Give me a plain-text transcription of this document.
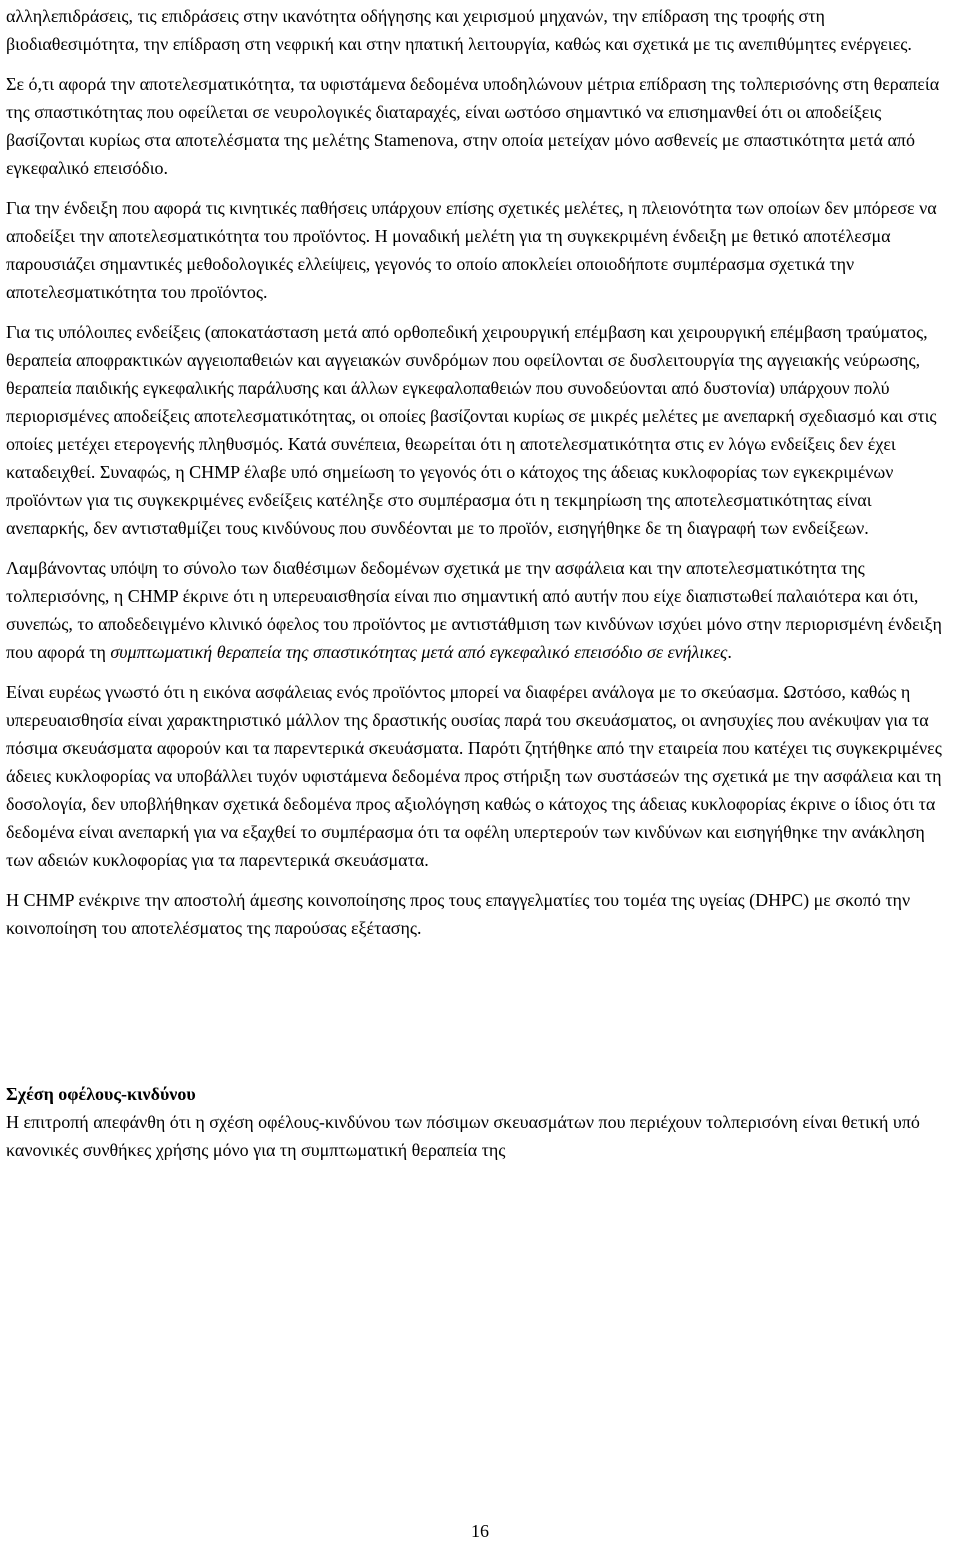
αλληλεπιδράσεις, τις επιδράσεις στην ικανότητα οδήγησης και χειρισμού μηχανών, την επίδραση της τροφής στη βιοδιαθεσιμότητα, την επίδραση στη νεφρική και στην ηπατική λειτουργία, καθώς και σχετικά με τις ανεπιθύμητες ενέργειες.

Σε ό,τι αφορά την αποτελεσματικότητα, τα υφιστάμενα δεδομένα υποδηλώνουν μέτρια επίδραση της τολπερισόνης στη θεραπεία της σπαστικότητας που οφείλεται σε νευρολογικές διαταραχές, είναι ωστόσο σημαντικό να επισημανθεί ότι οι αποδείξεις βασίζονται κυρίως στα αποτελέσματα της μελέτης Stamenova, στην οποία μετείχαν μόνο ασθενείς με σπαστικότητα μετά από εγκεφαλικό επεισόδιο.

Για την ένδειξη που αφορά τις κινητικές παθήσεις υπάρχουν επίσης σχετικές μελέτες, η πλειονότητα των οποίων δεν μπόρεσε να αποδείξει την αποτελεσματικότητα του προϊόντος. Η μοναδική μελέτη για τη συγκεκριμένη ένδειξη με θετικό αποτέλεσμα παρουσιάζει σημαντικές μεθοδολογικές ελλείψεις, γεγονός το οποίο αποκλείει οποιοδήποτε συμπέρασμα σχετικά την αποτελεσματικότητα του προϊόντος.

Για τις υπόλοιπες ενδείξεις (αποκατάσταση μετά από ορθοπεδική χειρουργική επέμβαση και χειρουργική επέμβαση τραύματος, θεραπεία αποφρακτικών αγγειοπαθειών και αγγειακών συνδρόμων που οφείλονται σε δυσλειτουργία της αγγειακής νεύρωσης, θεραπεία παιδικής εγκεφαλικής παράλυσης και άλλων εγκεφαλοπαθειών που συνοδεύονται από δυστονία) υπάρχουν πολύ περιορισμένες αποδείξεις αποτελεσματικότητας, οι οποίες βασίζονται κυρίως σε μικρές μελέτες με ανεπαρκή σχεδιασμό και στις οποίες μετέχει ετερογενής πληθυσμός. Κατά συνέπεια, θεωρείται ότι η αποτελεσματικότητα στις εν λόγω ενδείξεις δεν έχει καταδειχθεί. Συναφώς, η CHMP έλαβε υπό σημείωση το γεγονός ότι ο κάτοχος της άδειας κυκλοφορίας των εγκεκριμένων προϊόντων για τις συγκεκριμένες ενδείξεις κατέληξε στο συμπέρασμα ότι η τεκμηρίωση της αποτελεσματικότητας είναι ανεπαρκής, δεν αντισταθμίζει τους κινδύνους που συνδέονται με το προϊόν, εισηγήθηκε δε τη διαγραφή των ενδείξεων.

Λαμβάνοντας υπόψη το σύνολο των διαθέσιμων δεδομένων σχετικά με την ασφάλεια και την αποτελεσματικότητα της τολπερισόνης, η CHMP έκρινε ότι η υπερευαισθησία είναι πιο σημαντική από αυτήν που είχε διαπιστωθεί παλαιότερα και ότι, συνεπώς, το αποδεδειγμένο κλινικό όφελος του προϊόντος με αντιστάθμιση των κινδύνων ισχύει μόνο στην περιορισμένη ένδειξη που αφορά τη συμπτωματική θεραπεία της σπαστικότητας μετά από εγκεφαλικό επεισόδιο σε ενήλικες.

Είναι ευρέως γνωστό ότι η εικόνα ασφάλειας ενός προϊόντος μπορεί να διαφέρει ανάλογα με το σκεύασμα. Ωστόσο, καθώς η υπερευαισθησία είναι χαρακτηριστικό μάλλον της δραστικής ουσίας παρά του σκευάσματος, οι ανησυχίες που ανέκυψαν για τα πόσιμα σκευάσματα αφορούν και τα παρεντερικά σκευάσματα. Παρότι ζητήθηκε από την εταιρεία που κατέχει τις συγκεκριμένες άδειες κυκλοφορίας να υποβάλλει τυχόν υφιστάμενα δεδομένα προς στήριξη των συστάσεών της σχετικά με την ασφάλεια και τη δοσολογία, δεν υποβλήθηκαν σχετικά δεδομένα προς αξιολόγηση καθώς ο κάτοχος της άδειας κυκλοφορίας έκρινε ο ίδιος ότι τα δεδομένα είναι ανεπαρκή για να εξαχθεί το συμπέρασμα ότι τα οφέλη υπερτερούν των κινδύνων και εισηγήθηκε την ανάκληση των αδειών κυκλοφορίας για τα παρεντερικά σκευάσματα.

Η CHMP ενέκρινε την αποστολή άμεσης κοινοποίησης προς τους επαγγελματίες του τομέα της υγείας (DHPC) με σκοπό την κοινοποίηση του αποτελέσματος της παρούσας εξέτασης.

Σχέση οφέλους-κινδύνου

Η επιτροπή απεφάνθη ότι η σχέση οφέλους-κινδύνου των πόσιμων σκευασμάτων που περιέχουν τολπερισόνη είναι θετική υπό κανονικές συνθήκες χρήσης μόνο για τη συμπτωματική θεραπεία της

16
